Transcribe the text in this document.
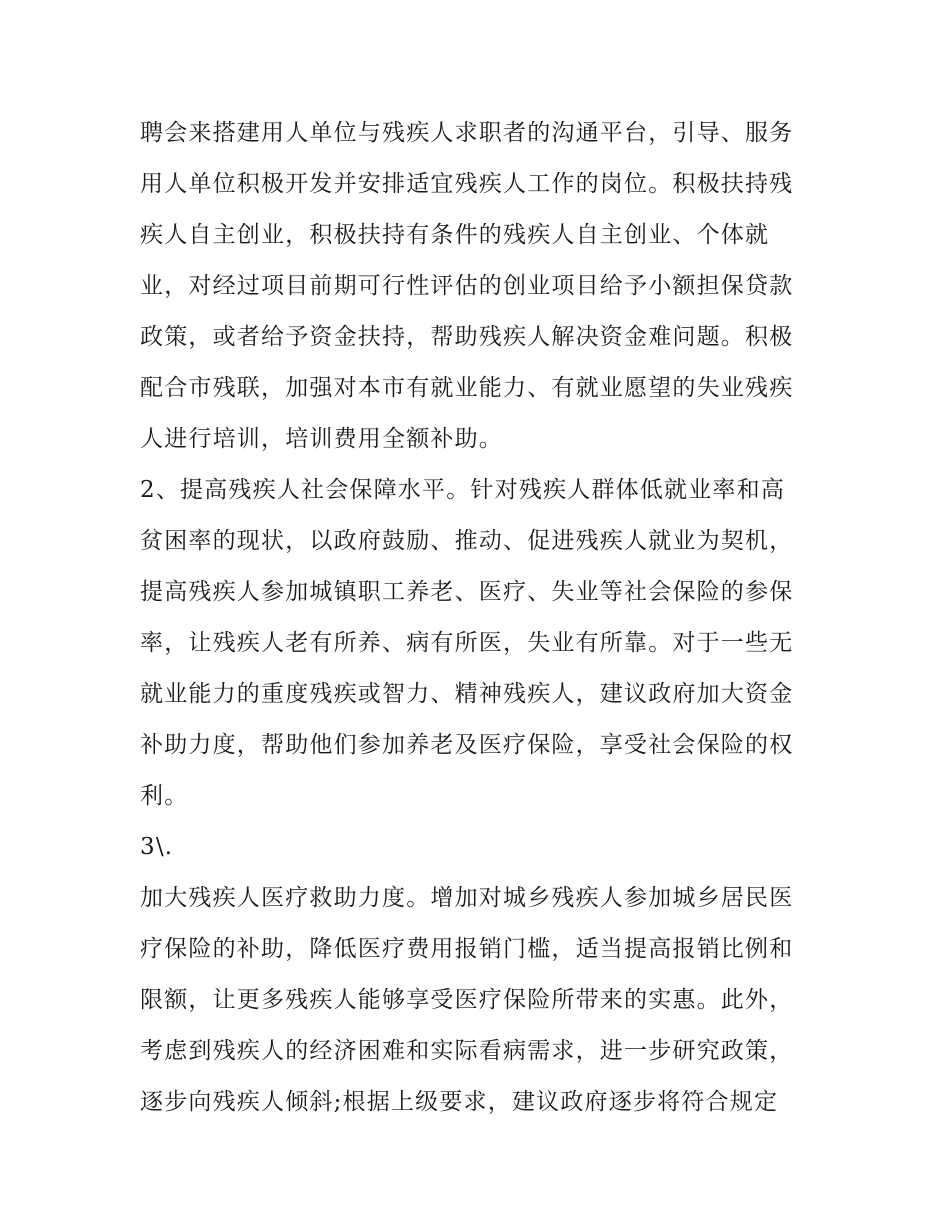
聘会来搭建用人单位与残疾人求职者的沟通平台，引导、服务
用人单位积极开发并安排适宜残疾人工作的岗位。积极扶持残
疾人自主创业，积极扶持有条件的残疾人自主创业、个体就
业，对经过项目前期可行性评估的创业项目给予小额担保贷款
政策，或者给予资金扶持，帮助残疾人解决资金难问题。积极
配合市残联，加强对本市有就业能力、有就业愿望的失业残疾
人进行培训，培训费用全额补助。
2、提高残疾人社会保障水平。针对残疾人群体低就业率和高
贫困率的现状，以政府鼓励、推动、促进残疾人就业为契机，
提高残疾人参加城镇职工养老、医疗、失业等社会保险的参保
率，让残疾人老有所养、病有所医，失业有所靠。对于一些无
就业能力的重度残疾或智力、精神残疾人，建议政府加大资金
补助力度，帮助他们参加养老及医疗保险，享受社会保险的权
利。
3\.
加大残疾人医疗救助力度。增加对城乡残疾人参加城乡居民医
疗保险的补助，降低医疗费用报销门槛，适当提高报销比例和
限额，让更多残疾人能够享受医疗保险所带来的实惠。此外，
考虑到残疾人的经济困难和实际看病需求，进一步研究政策，
逐步向残疾人倾斜;根据上级要求，建议政府逐步将符合规定
